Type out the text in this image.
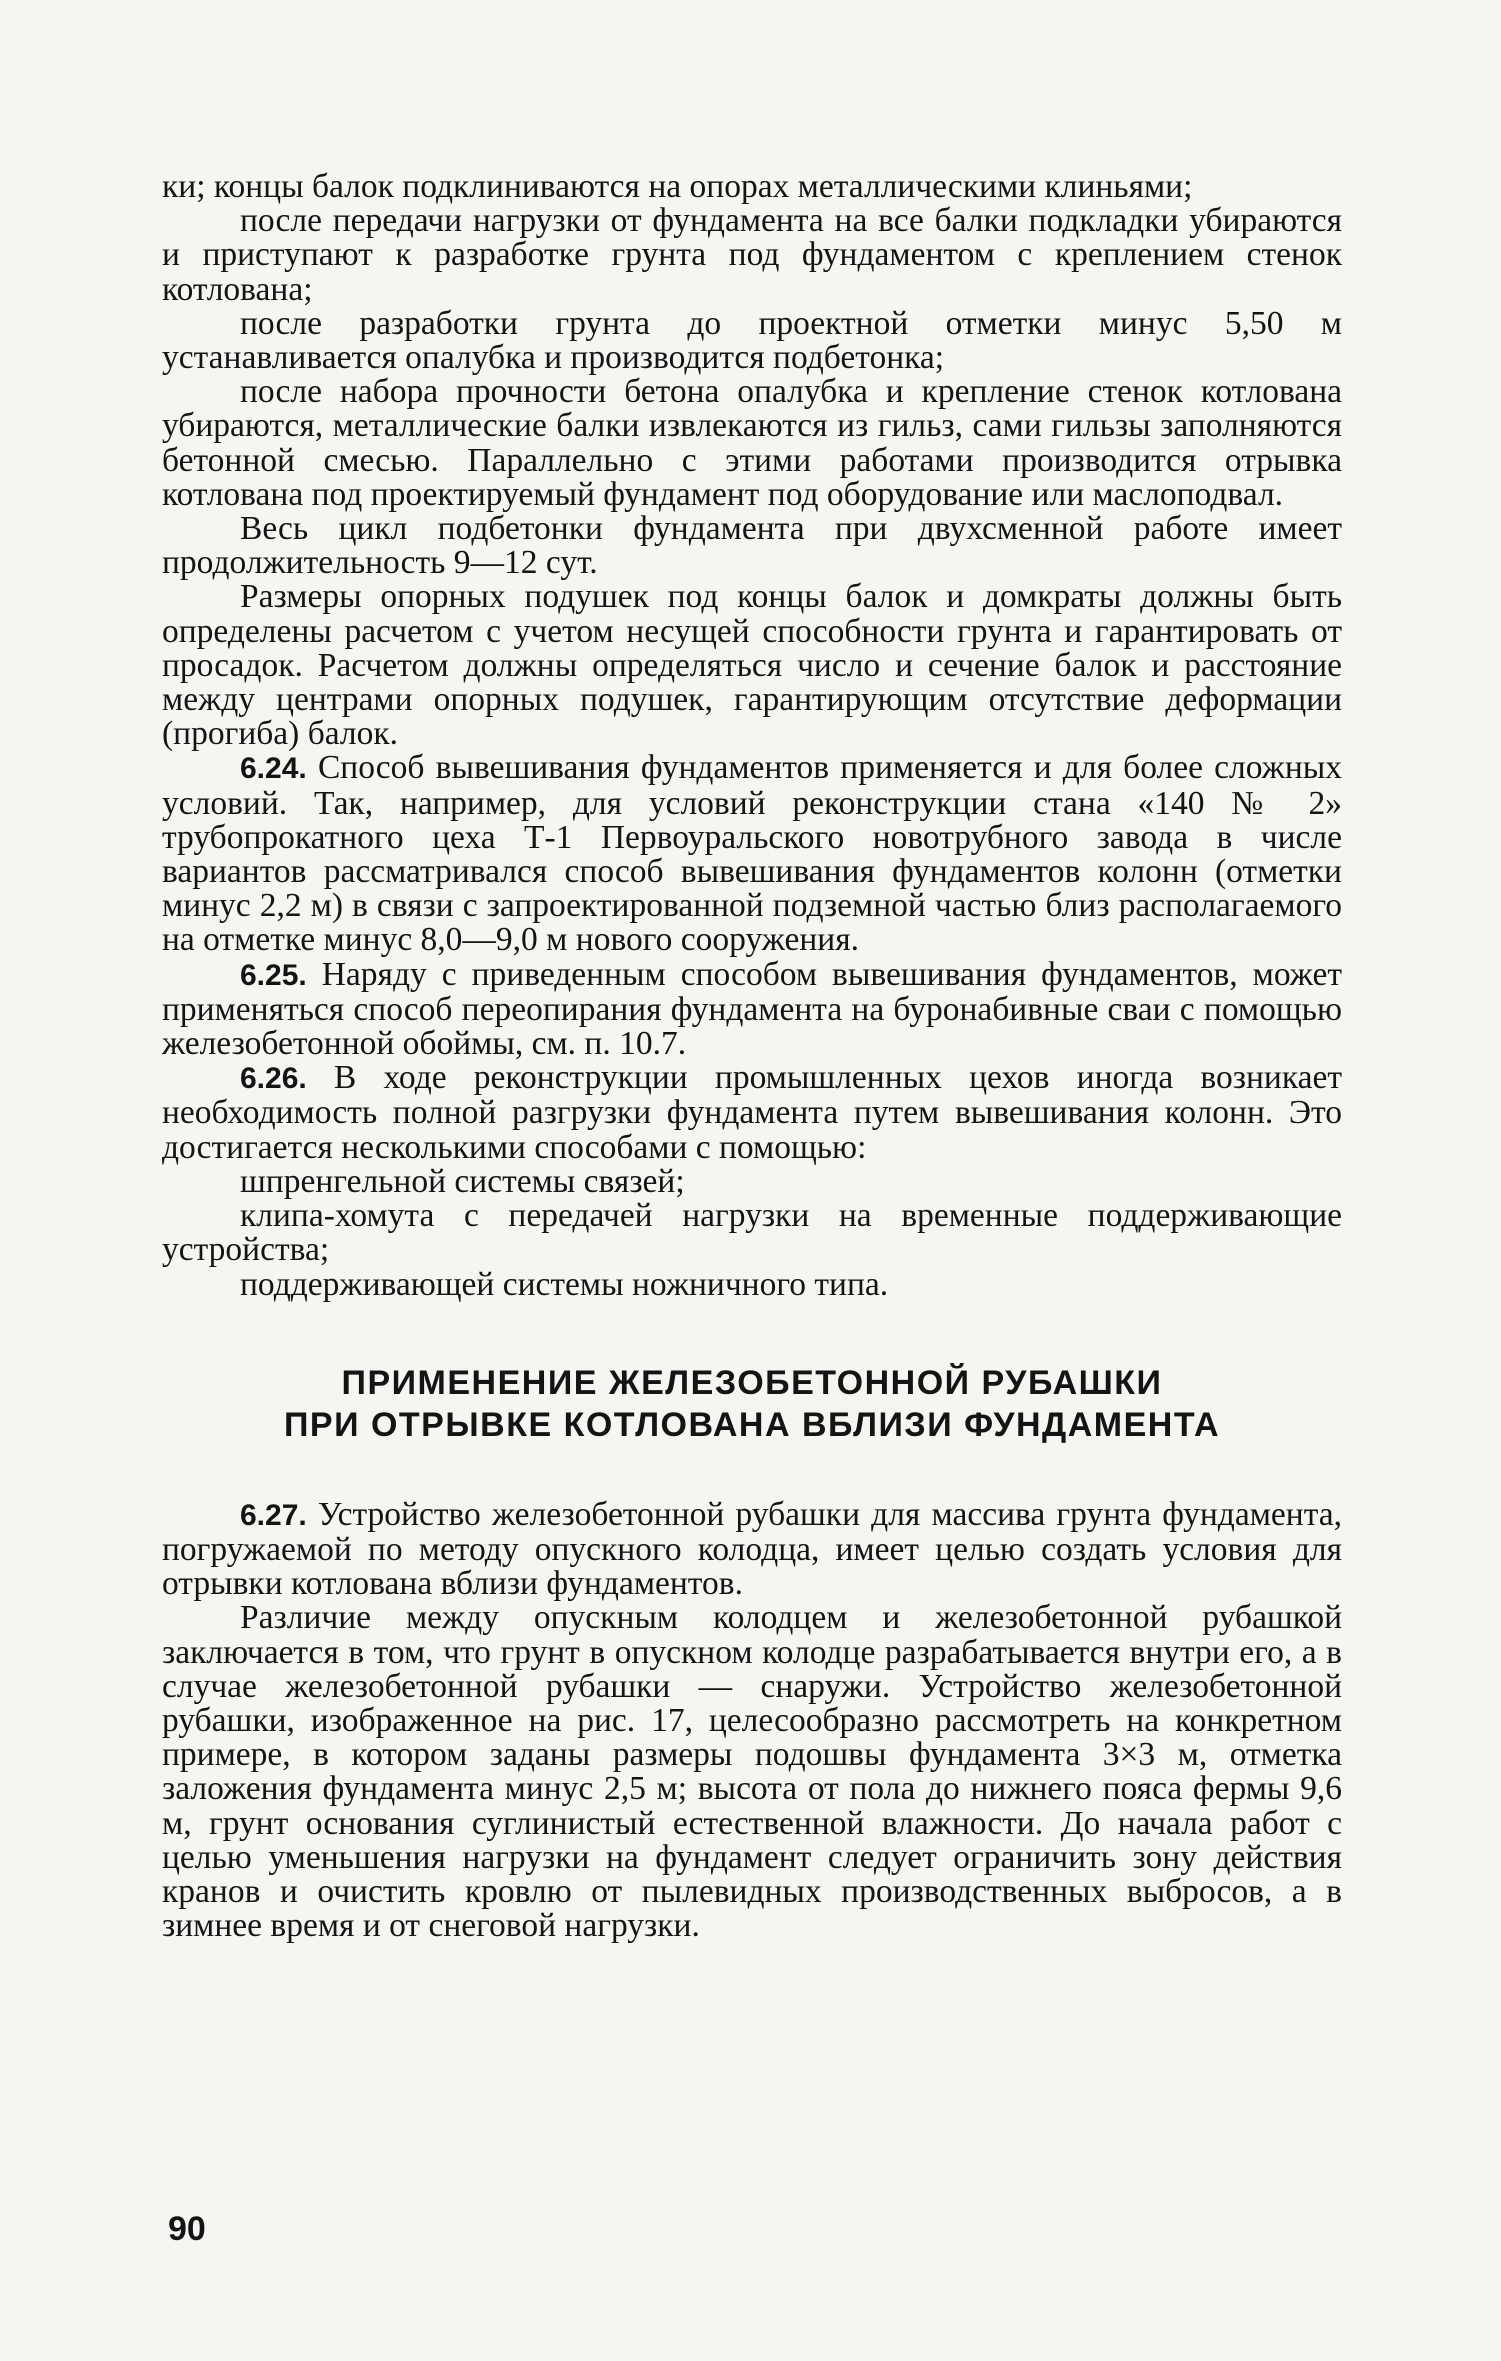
ки; концы балок подклиниваются на опорах металлическими клиньями;

после передачи нагрузки от фундамента на все балки подкладки убираются и приступают к разработке грунта под фундаментом с креплением стенок котлована;

после разработки грунта до проектной отметки минус 5,50 м устанавливается опалубка и производится подбетонка;

после набора прочности бетона опалубка и крепление стенок котлована убираются, металлические балки извлекаются из гильз, сами гильзы заполняются бетонной смесью. Параллельно с этими работами производится отрывка котлована под проектируемый фундамент под оборудование или маслоподвал.

Весь цикл подбетонки фундамента при двухсменной работе имеет продолжительность 9—12 сут.

Размеры опорных подушек под концы балок и домкраты должны быть определены расчетом с учетом несущей способности грунта и гарантировать от просадок. Расчетом должны определяться число и сечение балок и расстояние между центрами опорных подушек, гарантирующим отсутствие деформации (прогиба) балок.

6.24. Способ вывешивания фундаментов применяется и для более сложных условий. Так, например, для условий реконструкции стана «140 № 2» трубопрокатного цеха Т-1 Первоуральского новотрубного завода в числе вариантов рассматривался способ вывешивания фундаментов колонн (отметки минус 2,2 м) в связи с запроектированной подземной частью близ располагаемого на отметке минус 8,0—9,0 м нового сооружения.

6.25. Наряду с приведенным способом вывешивания фундаментов, может применяться способ переопирания фундамента на буронабивные сваи с помощью железобетонной обоймы, см. п. 10.7.

6.26. В ходе реконструкции промышленных цехов иногда возникает необходимость полной разгрузки фундамента путем вывешивания колонн. Это достигается несколькими способами с помощью:

шпренгельной системы связей;

клипа-хомута с передачей нагрузки на временные поддерживающие устройства;

поддерживающей системы ножничного типа.

ПРИМЕНЕНИЕ ЖЕЛЕЗОБЕТОННОЙ РУБАШКИ
ПРИ ОТРЫВКЕ КОТЛОВАНА ВБЛИЗИ ФУНДАМЕНТА

6.27. Устройство железобетонной рубашки для массива грунта фундамента, погружаемой по методу опускного колодца, имеет целью создать условия для отрывки котлована вблизи фундаментов.

Различие между опускным колодцем и железобетонной рубашкой заключается в том, что грунт в опускном колодце разрабатывается внутри его, а в случае железобетонной рубашки — снаружи. Устройство железобетонной рубашки, изображенное на рис. 17, целесообразно рассмотреть на конкретном примере, в котором заданы размеры подошвы фундамента 3×3 м, отметка заложения фундамента минус 2,5 м; высота от пола до нижнего пояса фермы 9,6 м, грунт основания суглинистый естественной влажности. До начала работ с целью уменьшения нагрузки на фундамент следует ограничить зону действия кранов и очистить кровлю от пылевидных производственных выбросов, а в зимнее время и от снеговой нагрузки.

90
